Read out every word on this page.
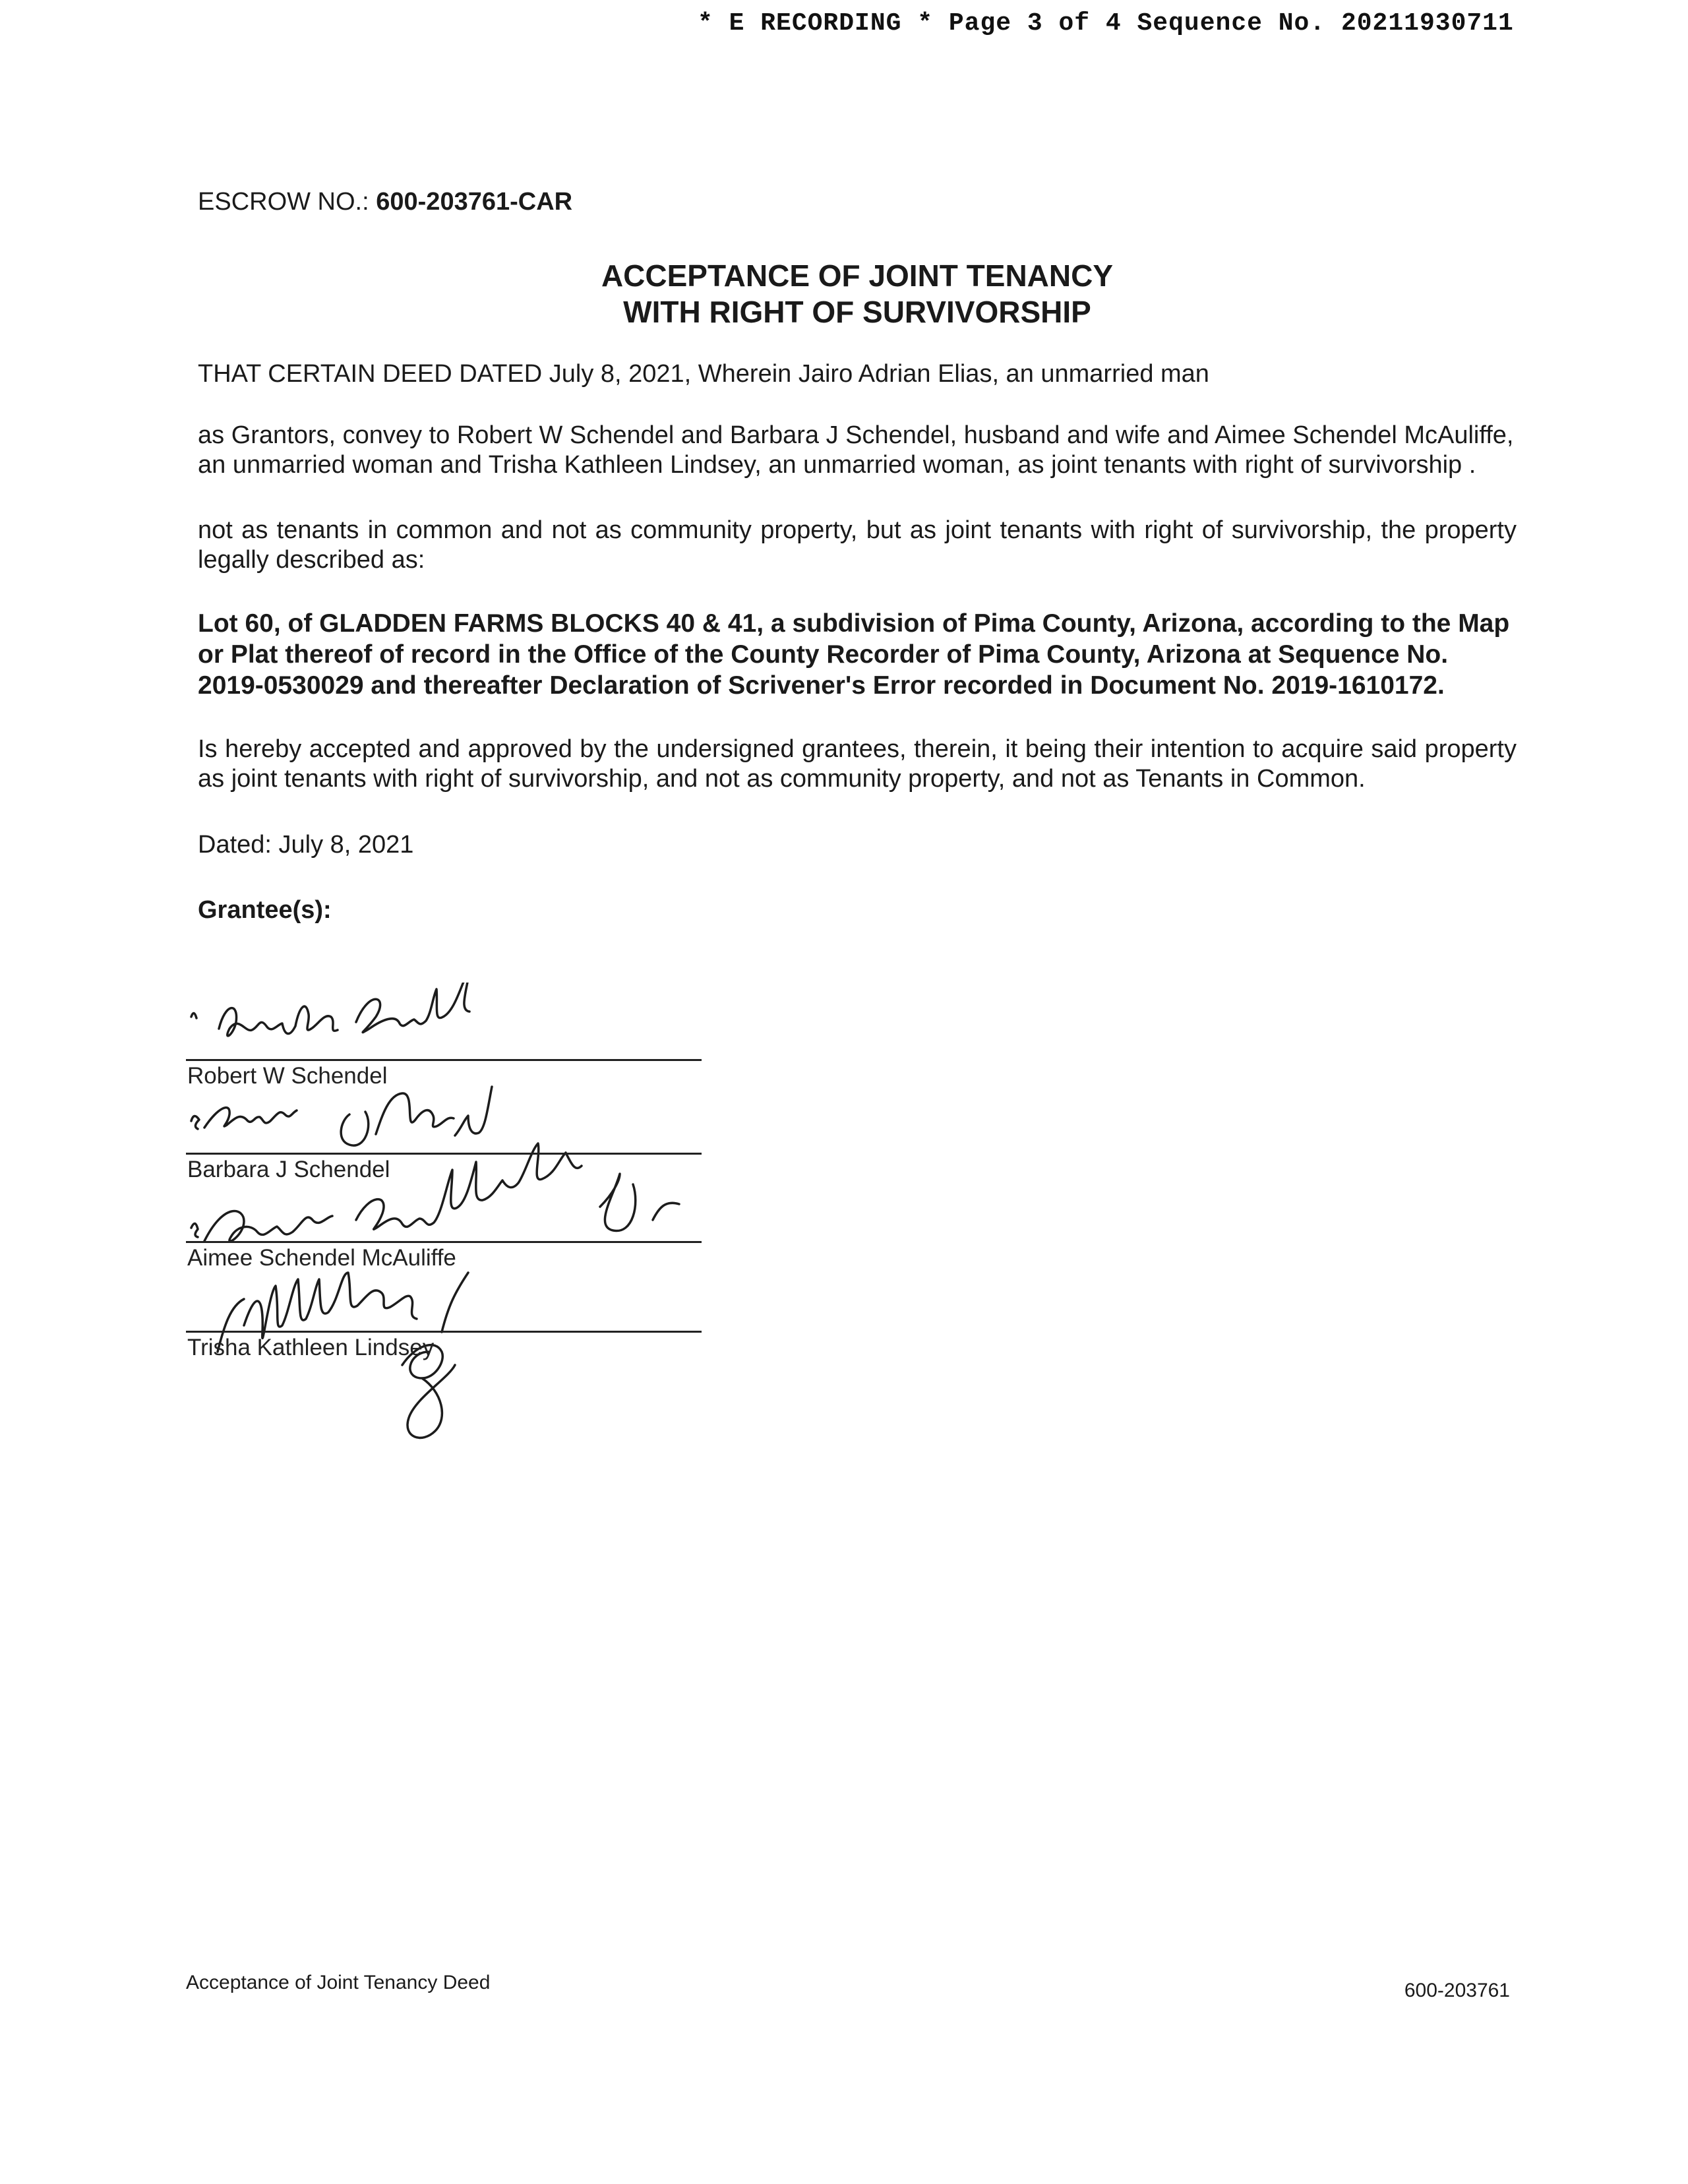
* E RECORDING * Page 3 of 4 Sequence No. 20211930711
ESCROW NO.: 600-203761-CAR
ACCEPTANCE OF JOINT TENANCY
WITH RIGHT OF SURVIVORSHIP

THAT CERTAIN DEED DATED July 8, 2021, Wherein Jairo Adrian Elias, an unmarried man

as Grantors, convey to Robert W Schendel and Barbara J Schendel, husband and wife and Aimee Schendel McAuliffe, an unmarried woman and Trisha Kathleen Lindsey, an unmarried woman, as joint tenants with right of survivorship .

not as tenants in common and not as community property, but as joint tenants with right of survivorship, the property legally described as:

Lot 60, of GLADDEN FARMS BLOCKS 40 & 41, a subdivision of Pima County, Arizona, according to the Map or Plat thereof of record in the Office of the County Recorder of Pima County, Arizona at Sequence No. 2019-0530029 and thereafter Declaration of Scrivener's Error recorded in Document No. 2019-1610172.

Is hereby accepted and approved by the undersigned grantees, therein, it being their intention to acquire said property as joint tenants with right of survivorship, and not as community property, and not as Tenants in Common.

Dated: July 8, 2021

Grantee(s):

Robert W Schendel
Barbara J Schendel
Aimee Schendel McAuliffe
Trisha Kathleen Lindsey
Acceptance of Joint Tenancy Deed	600-203761
